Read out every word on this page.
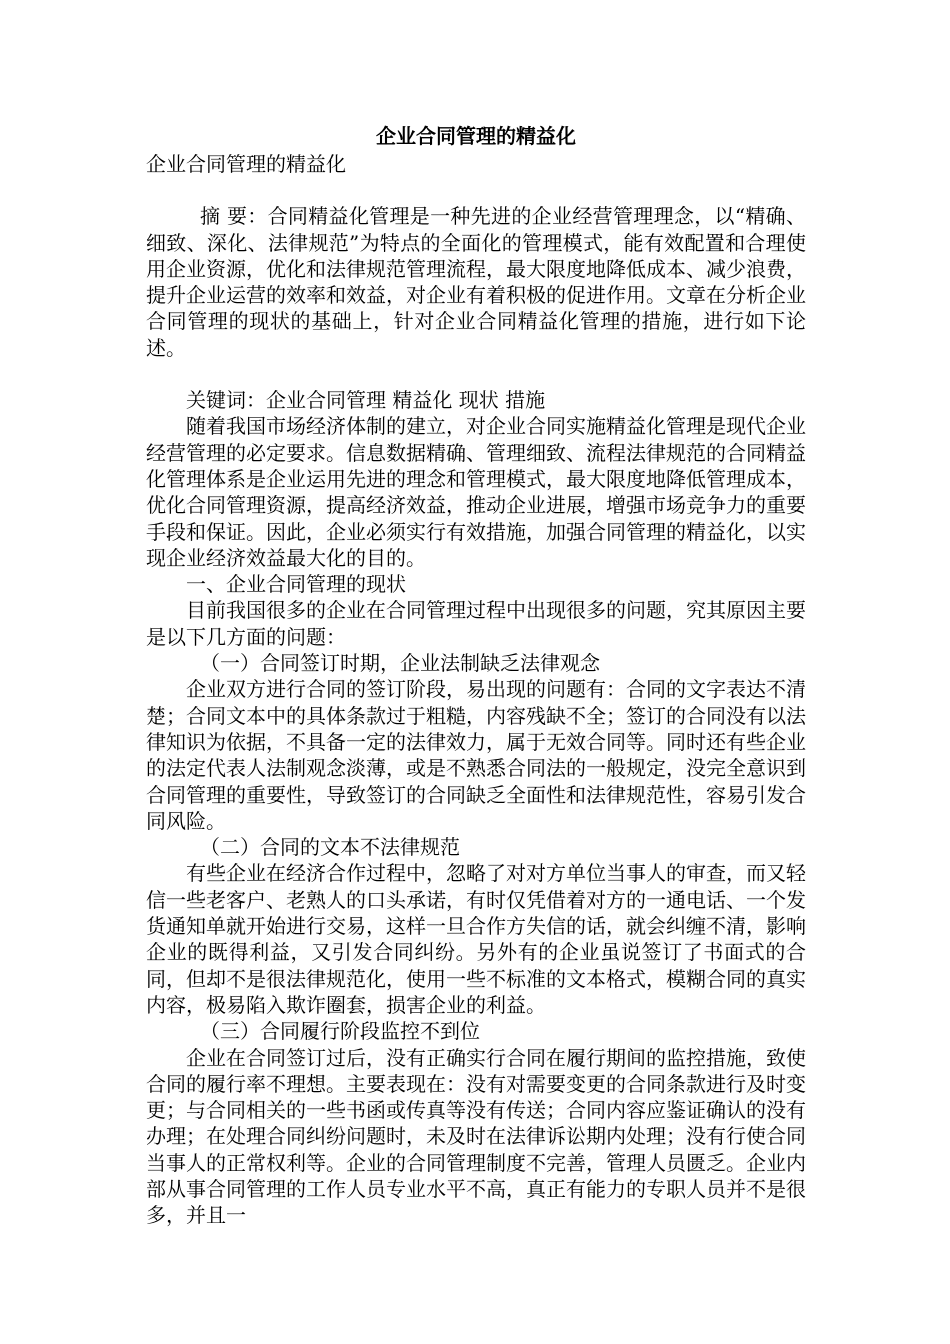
企业合同管理的精益化
企业合同管理的精益化

摘 要：合同精益化管理是一种先进的企业经营管理理念，以“精确、细致、深化、法律规范”为特点的全面化的管理模式，能有效配置和合理使用企业资源，优化和法律规范管理流程，最大限度地降低成本、减少浪费，提升企业运营的效率和效益，对企业有着积极的促进作用。文章在分析企业合同管理的现状的基础上，针对企业合同精益化管理的措施，进行如下论述。

关键词：企业合同管理 精益化 现状 措施

随着我国市场经济体制的建立，对企业合同实施精益化管理是现代企业经营管理的必定要求。信息数据精确、管理细致、流程法律规范的合同精益化管理体系是企业运用先进的理念和管理模式，最大限度地降低管理成本，优化合同管理资源，提高经济效益，推动企业进展，增强市场竞争力的重要手段和保证。因此，企业必须实行有效措施，加强合同管理的精益化，以实现企业经济效益最大化的目的。

一、企业合同管理的现状

目前我国很多的企业在合同管理过程中出现很多的问题，究其原因主要是以下几方面的问题：

（一）合同签订时期，企业法制缺乏法律观念

企业双方进行合同的签订阶段，易出现的问题有：合同的文字表达不清楚；合同文本中的具体条款过于粗糙，内容残缺不全；签订的合同没有以法律知识为依据，不具备一定的法律效力，属于无效合同等。同时还有些企业的法定代表人法制观念淡薄，或是不熟悉合同法的一般规定，没完全意识到合同管理的重要性，导致签订的合同缺乏全面性和法律规范性，容易引发合同风险。

（二）合同的文本不法律规范

有些企业在经济合作过程中，忽略了对对方单位当事人的审查，而又轻信一些老客户、老熟人的口头承诺，有时仅凭借着对方的一通电话、一个发货通知单就开始进行交易，这样一旦合作方失信的话，就会纠缠不清，影响企业的既得利益，又引发合同纠纷。另外有的企业虽说签订了书面式的合同，但却不是很法律规范化，使用一些不标准的文本格式，模糊合同的真实内容，极易陷入欺诈圈套，损害企业的利益。

（三）合同履行阶段监控不到位

企业在合同签订过后，没有正确实行合同在履行期间的监控措施，致使合同的履行率不理想。主要表现在：没有对需要变更的合同条款进行及时变更；与合同相关的一些书函或传真等没有传送；合同内容应鉴证确认的没有办理；在处理合同纠纷问题时，未及时在法律诉讼期内处理；没有行使合同当事人的正常权利等。企业的合同管理制度不完善，管理人员匮乏。企业内部从事合同管理的工作人员专业水平不高，真正有能力的专职人员并不是很多，并且一
